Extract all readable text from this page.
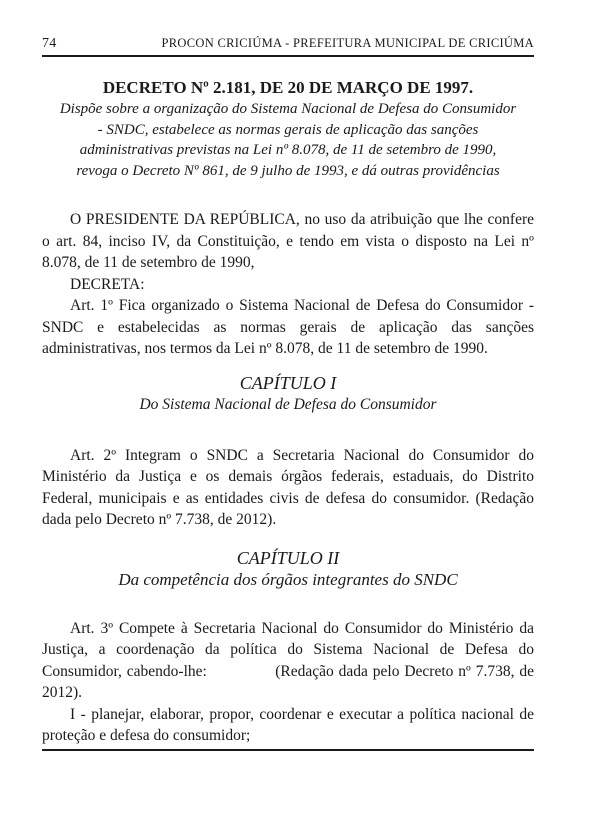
74	PROCON CRICIÚMA - PREFEITURA MUNICIPAL DE CRICIÚMA
DECRETO Nº 2.181, DE 20 DE MARÇO DE 1997.

Dispõe sobre a organização do Sistema Nacional de Defesa do Consumidor - SNDC, estabelece as normas gerais de aplicação das sanções administrativas previstas na Lei nº 8.078, de 11 de setembro de 1990, revoga o Decreto Nº 861, de 9 julho de 1993, e dá outras providências

O PRESIDENTE DA REPÚBLICA, no uso da atribuição que lhe confere o art. 84, inciso IV, da Constituição, e tendo em vista o disposto na Lei nº 8.078, de 11 de setembro de 1990,

DECRETA:

Art. 1º Fica organizado o Sistema Nacional de Defesa do Consumidor - SNDC e estabelecidas as normas gerais de aplicação das sanções administrativas, nos termos da Lei nº 8.078, de 11 de setembro de 1990.

CAPÍTULO I

Do Sistema Nacional de Defesa do Consumidor

Art. 2º Integram o SNDC a Secretaria Nacional do Consumidor do Ministério da Justiça e os demais órgãos federais, estaduais, do Distrito Federal, municipais e as entidades civis de defesa do consumidor. (Redação dada pelo Decreto nº 7.738, de 2012).

CAPÍTULO II

Da competência dos órgãos integrantes do SNDC

Art. 3º Compete à Secretaria Nacional do Consumidor do Ministério da Justiça, a coordenação da política do Sistema Nacional de Defesa do Consumidor, cabendo-lhe:              (Redação dada pelo Decreto nº 7.738, de 2012).

I - planejar, elaborar, propor, coordenar e executar a política nacional de proteção e defesa do consumidor;
